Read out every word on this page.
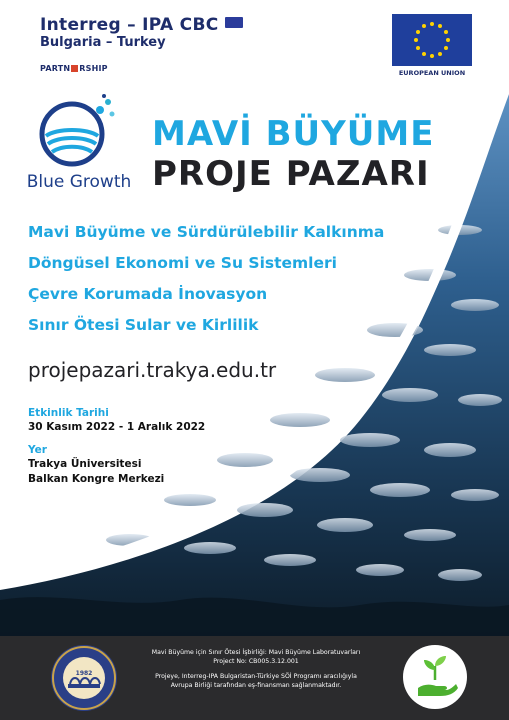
Interreg – IPA CBC
Bulgaria – Turkey
PARTN RSHIP	EUROPEAN UNION
Blue Growth
MAVİ BÜYÜME
PROJE PAZARI
Mavi Büyüme ve Sürdürülebilir Kalkınma
Döngüsel Ekonomi ve Su Sistemleri
Çevre Korumada İnovasyon
Sınır Ötesi Sular ve Kirlilik
projepazari.trakya.edu.tr
Etkinlik Tarihi
30 Kasım 2022 - 1 Aralık 2022
Yer
Trakya Üniversitesi
Balkan Kongre Merkezi
1982
Mavi Büyüme için Sınır Ötesi İşbirliği: Mavi Büyüme Laboratuvarları
Project No: CB005.3.12.001
Projeye, Interreg-IPA Bulgaristan-Türkiye SÖİ Programı aracılığıyla
Avrupa Birliği tarafından eş-finansman sağlanmaktadır.
